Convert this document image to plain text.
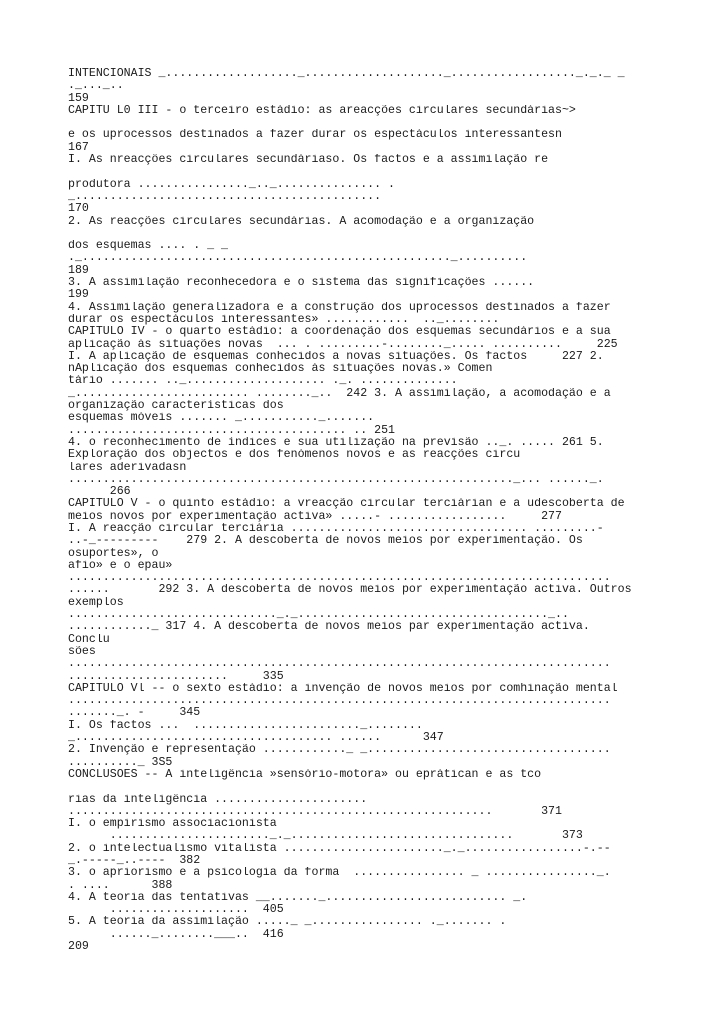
INTENCIONAIS _..................._...................._.................._._._ _
._..._..
159
CAPÍTU L0 III - o terceiro estádio: as areacções circulares secundárias~>
e os uprocessos destinados a fazer durar os espectáculos interessantesn
167
I. As nreacçôes circulares secundáriaso. Os factos e a assimilação re
produtora ................_.._............... .
_............................................
170
2. As reacções circulares secundárias. A acomodação e a organização
dos esquemas .... . _ _
._....................................................._..........
189
3. A assimilação reconhecedora e o sistema das significações ......
199
4. Assimilação generalizadora e a construção dos uprocessos destinados a fazer
durar os espectáculos interessantes» ............  .._........
CAPÍTULO IV - o quarto estádio: a coordenação dos esquemas secundários e a sua
aplicação às situações novas  ... . .........-........_..... ..........     225
I. A aplicação de esquemas conhecidos a novas situações. Os factos     227 2.
nAplicação dos esquemas conhecidos às situações novas.» Comen
tário ....... .._.................... ._. ..............
_......................... ........_..  242 3. A assimilação, a acomodação e a
organização características dos
esquemas móveis ....... _..........._.......
........................................ .. 251
4. o reconhecimento de índices e sua utilização na previsão .._. ..... 261 5.
Exploração dos objectos e dos fenómenos novos e as reacções circu
lares aderivadasn
................................................................_... ......_.
266
CAPÍTULO V - o quinto estádio: a vreacção circular terciárian e a udescoberta de
meios novos por experimentação activa» .....- .................     277
I. A reacção circular terciária .................................. .........-
..-_---------    279 2. A descoberta de novos meios por experimentação. Os
osuportes», o
afio» e o epau»
..............................................................................
......       292 3. A descoberta de novos meios por experimentação activa. Outros
exemplos
.............................._._...................................._..
............_ 317 4. A descoberta de novos meios par experimentação activa.
Conclu
sões
..............................................................................
.......................     335
CAPÍTULO Vl -- o sexto estádio: a invenção de novos meios por comhinação mental
..............................................................................
......._. -     345
I. Os factos ...  ........................_........
_..................................... ......      347
2. Invenção e representação ............_ _...................................
.........._ 3S5
CONCLUSÕES -- A inteligência »sensório-motora» ou eprátican e as tco
rias da inteligência ......................
.............................................................       371
I. o empirismo associacionista
......................._._................................       373
2. o intelectualismo vitalista ......................._._.................-.--
_.-----_..----  382
3. o apriorismo e a psicologia da forma  ................ _ ................_.
. ....      388
4. A teoria das tentativas __......._.......................... _.
....................  405
5. A teoria da assimilação ....._ _................ ._....... .
......_........___..  416
209
